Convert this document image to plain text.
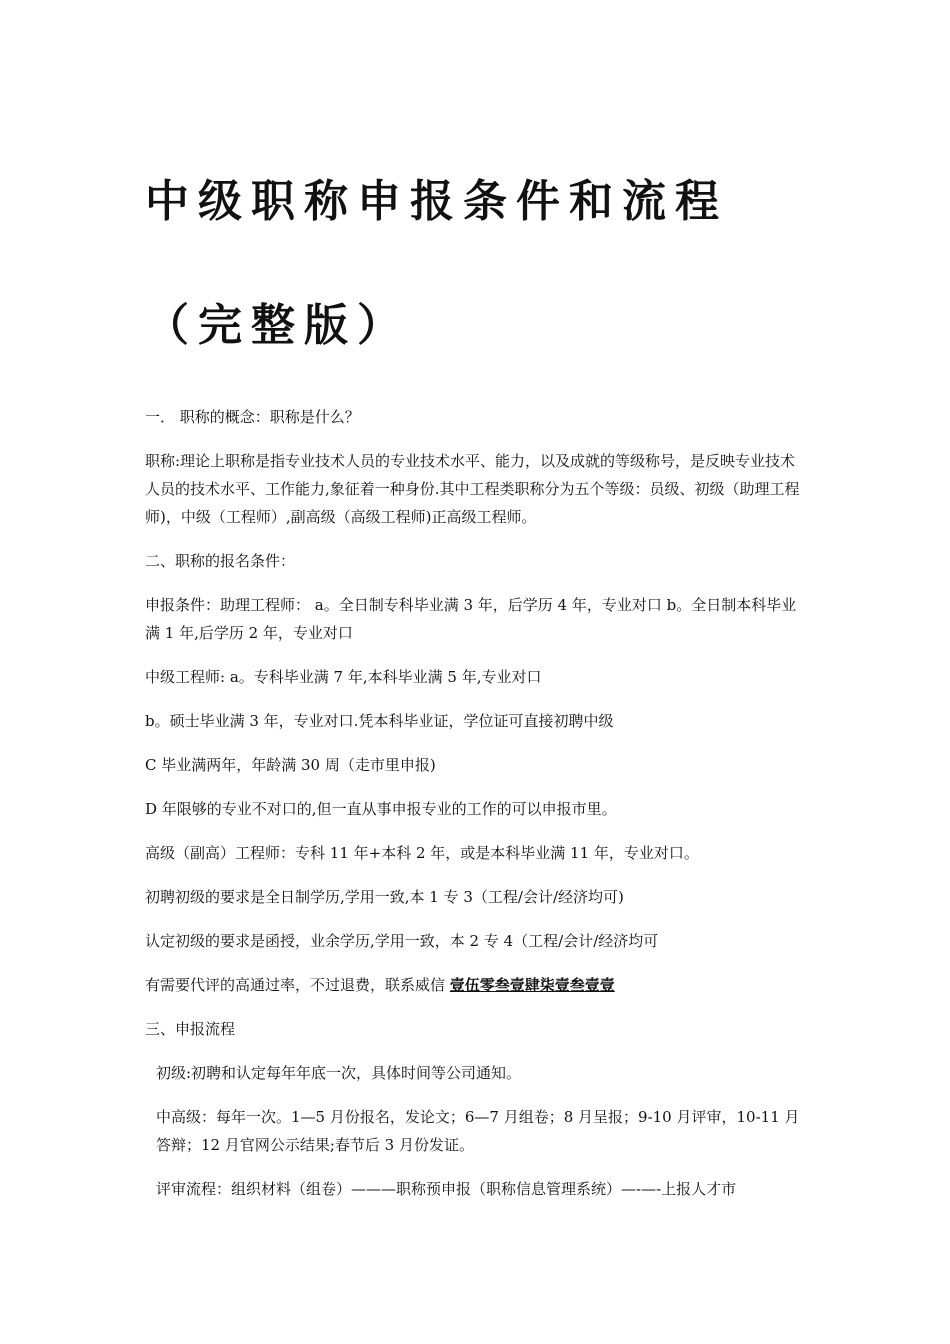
中级职称申报条件和流程（完整版）

一． 职称的概念：职称是什么？

职称:理论上职称是指专业技术人员的专业技术水平、能力，以及成就的等级称号，是反映专业技术人员的技术水平、工作能力,象征着一种身份.其中工程类职称分为五个等级：员级、初级（助理工程师)，中级（工程师）,副高级（高级工程师)正高级工程师。

二、职称的报名条件：

申报条件：助理工程师： a。全日制专科毕业满 3 年，后学历 4 年，专业对口 b。全日制本科毕业满 1 年,后学历 2 年，专业对口

中级工程师: a。专科毕业满 7 年,本科毕业满 5 年,专业对口

b。硕士毕业满 3 年，专业对口.凭本科毕业证，学位证可直接初聘中级

C 毕业满两年，年龄满 30 周（走市里申报)

D 年限够的专业不对口的,但一直从事申报专业的工作的可以申报市里。

高级（副高）工程师：专科 11 年+本科 2 年，或是本科毕业满 11 年，专业对口。

初聘初级的要求是全日制学历,学用一致,本 1 专 3（工程/会计/经济均可)

认定初级的要求是函授，业余学历,学用一致，本 2 专 4（工程/会计/经济均可

有需要代评的高通过率，不过退费，联系威信 壹伍零叁壹肆柒壹叁壹壹

三、申报流程

初级:初聘和认定每年年底一次，具体时间等公司通知。

中高级：每年一次。1—5 月份报名，发论文；6—7 月组卷；8 月呈报；9-10 月评审，10-11 月答辩；12 月官网公示结果;春节后 3 月份发证。

评审流程：组织材料（组卷）———职称预申报（职称信息管理系统）—-—-上报人才市
